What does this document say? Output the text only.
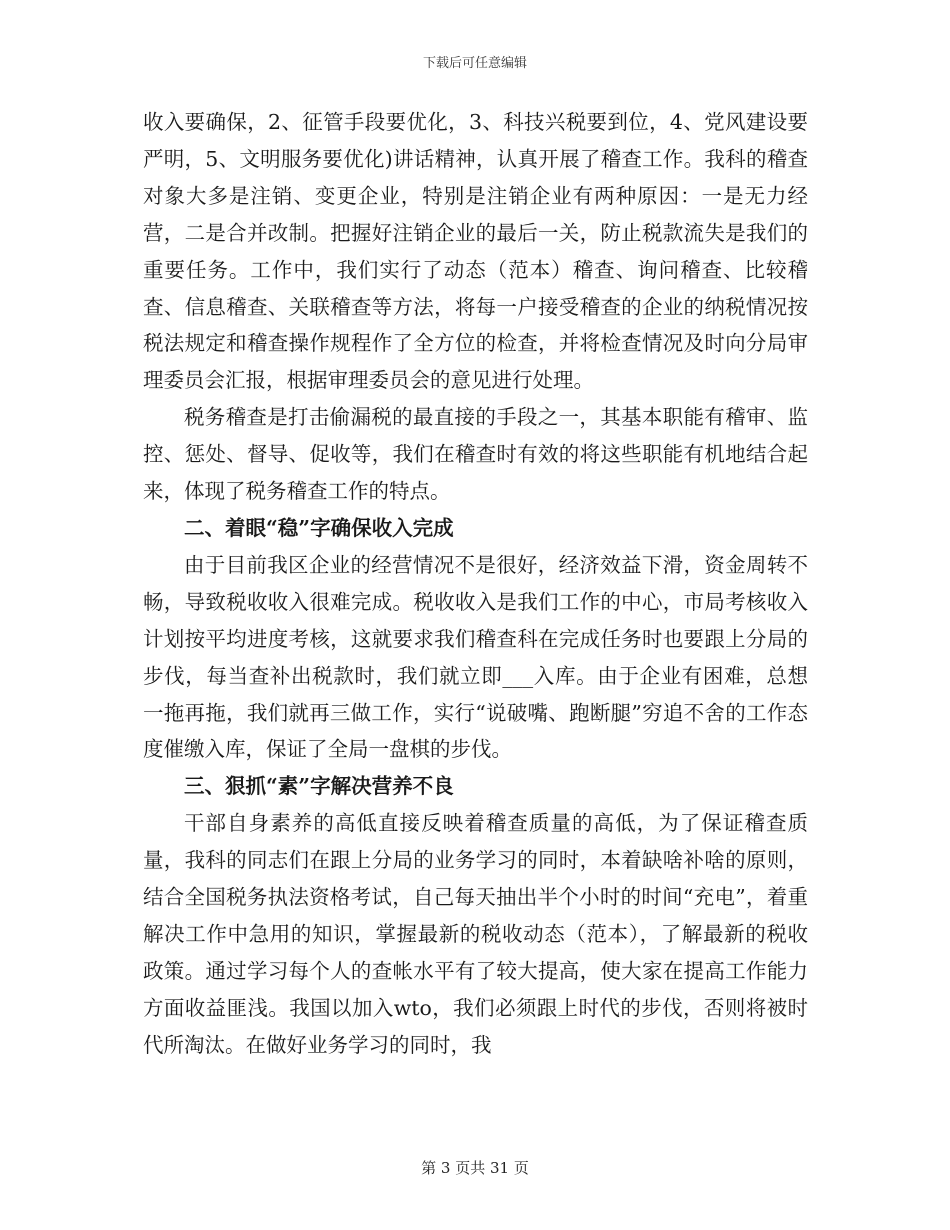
下载后可任意编辑

收入要确保，2、征管手段要优化，3、科技兴税要到位，4、党风建设要严明，5、文明服务要优化)讲话精神，认真开展了稽查工作。我科的稽查对象大多是注销、变更企业，特别是注销企业有两种原因：一是无力经营，二是合并改制。把握好注销企业的最后一关，防止税款流失是我们的重要任务。工作中，我们实行了动态（范本）稽查、询问稽查、比较稽查、信息稽查、关联稽查等方法，将每一户接受稽查的企业的纳税情况按税法规定和稽查操作规程作了全方位的检查，并将检查情况及时向分局审理委员会汇报，根据审理委员会的意见进行处理。

税务稽查是打击偷漏税的最直接的手段之一，其基本职能有稽审、监控、惩处、督导、促收等，我们在稽查时有效的将这些职能有机地结合起来，体现了税务稽查工作的特点。

二、着眼“稳”字确保收入完成

由于目前我区企业的经营情况不是很好，经济效益下滑，资金周转不畅，导致税收收入很难完成。税收收入是我们工作的中心，市局考核收入计划按平均进度考核，这就要求我们稽查科在完成任务时也要跟上分局的步伐，每当查补出税款时，我们就立即___入库。由于企业有困难，总想一拖再拖，我们就再三做工作，实行“说破嘴、跑断腿”穷追不舍的工作态度催缴入库，保证了全局一盘棋的步伐。

三、狠抓“素”字解决营养不良

干部自身素养的高低直接反映着稽查质量的高低，为了保证稽查质量，我科的同志们在跟上分局的业务学习的同时，本着缺啥补啥的原则，结合全国税务执法资格考试，自己每天抽出半个小时的时间“充电”，着重解决工作中急用的知识，掌握最新的税收动态（范本），了解最新的税收政策。通过学习每个人的查帐水平有了较大提高，使大家在提高工作能力方面收益匪浅。我国以加入wto，我们必须跟上时代的步伐，否则将被时代所淘汰。在做好业务学习的同时，我

第 3 页共 31 页
